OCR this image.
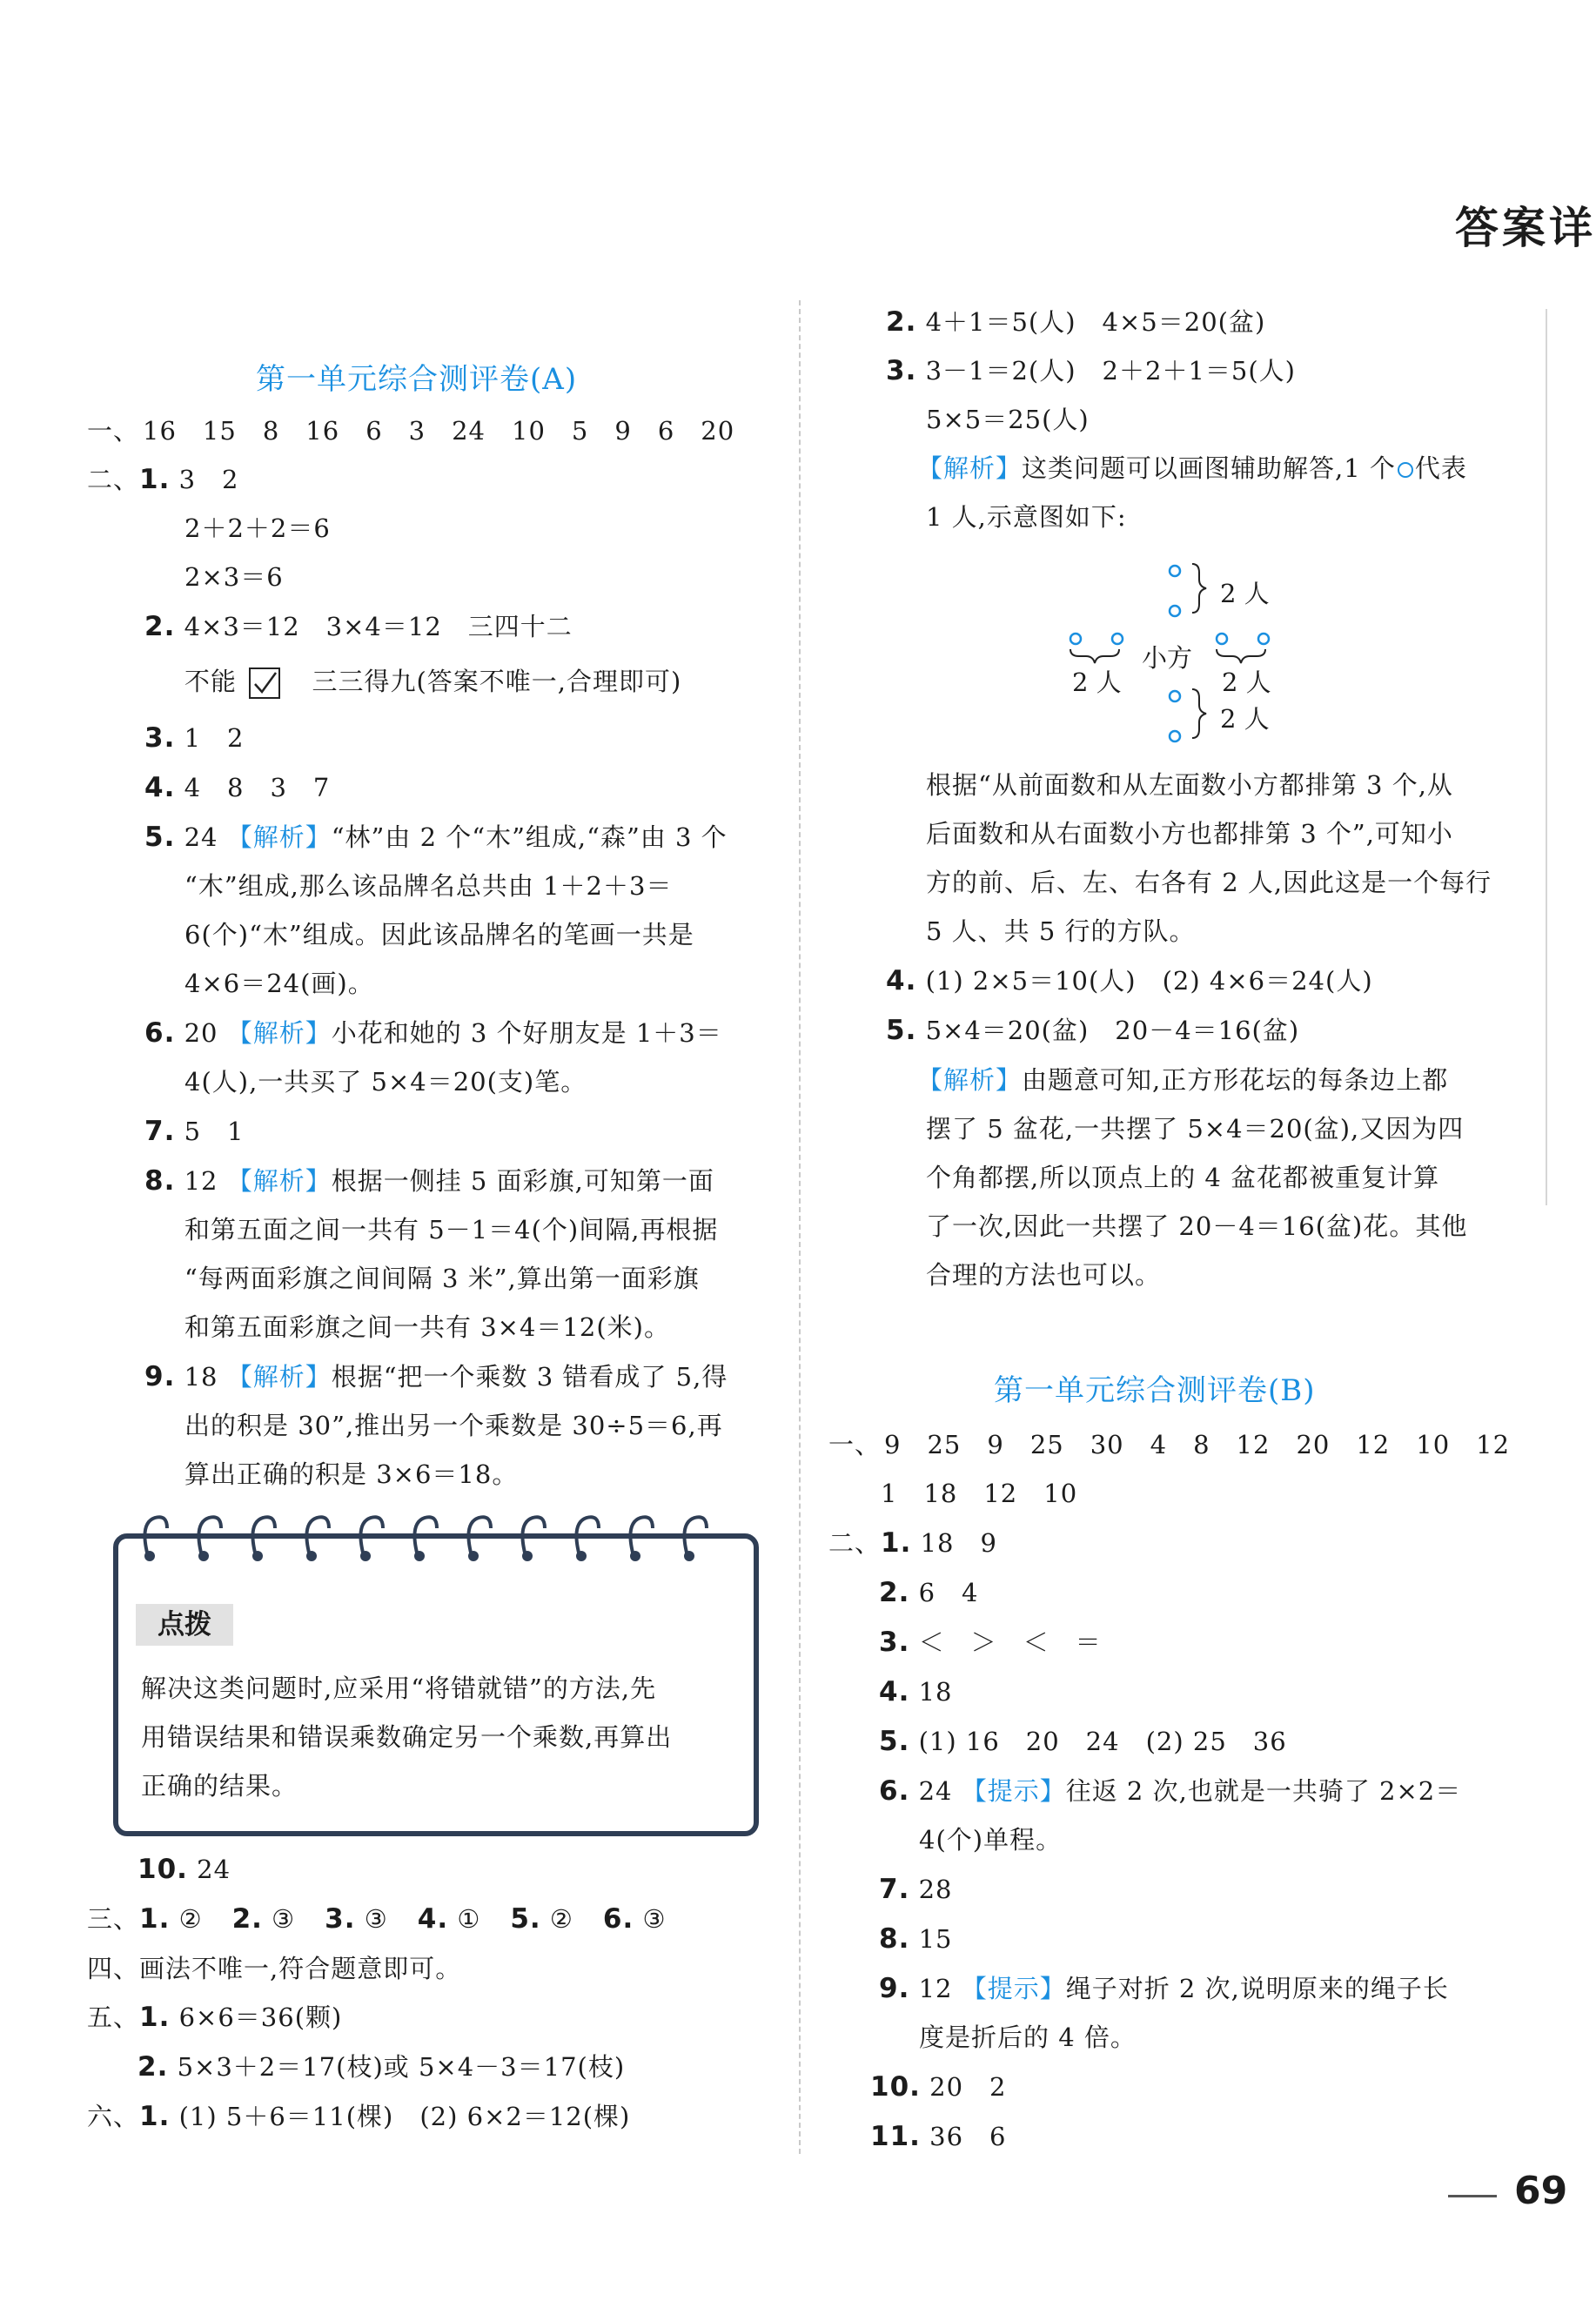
答案详
第一单元综合测评卷(A)
一、 16 15 8 16 6 3 24 10 5 9 6 20
二、1. 3　2
2＋2＋2＝6
2×3＝6
2. 4×3＝12　3×4＝12　三四十二
不能	三三得九(答案不唯一,合理即可)
3. 1　2
4. 4　8　3　7
5. 24 【解析】“林”由 2 个“木”组成,“森”由 3 个
“木”组成,那么该品牌名总共由 1＋2＋3＝
6(个)“木”组成。因此该品牌名的笔画一共是
4×6＝24(画)。
6. 20 【解析】小花和她的 3 个好朋友是 1＋3＝
4(人),一共买了 5×4＝20(支)笔。
7. 5　1
8. 12 【解析】根据一侧挂 5 面彩旗,可知第一面
和第五面之间一共有 5－1＝4(个)间隔,再根据
“每两面彩旗之间间隔 3 米”,算出第一面彩旗
和第五面彩旗之间一共有 3×4＝12(米)。
9. 18 【解析】根据“把一个乘数 3 错看成了 5,得
出的积是 30”,推出另一个乘数是 30÷5＝6,再
算出正确的积是 3×6＝18。
点拨
解决这类问题时,应采用“将错就错”的方法,先
用错误结果和错误乘数确定另一个乘数,再算出
正确的结果。
10. 24
三、1. ② 2. ③ 3. ③ 4. ① 5. ② 6. ③
四、画法不唯一,符合题意即可。
五、1. 6×6＝36(颗)
2. 5×3＋2＝17(枝)或 5×4－3＝17(枝)
六、1. (1) 5＋6＝11(棵)　(2) 6×2＝12(棵)
2. 4＋1＝5(人)　4×5＝20(盆)
3. 3－1＝2(人)　2＋2＋1＝5(人)
5×5＝25(人)
【解析】这类问题可以画图辅助解答,1 个 代表
1 人,示意图如下:
2 人
2 人
小方
2 人
2 人
根据“从前面数和从左面数小方都排第 3 个,从
后面数和从右面数小方也都排第 3 个”,可知小
方的前、后、左、右各有 2 人,因此这是一个每行
5 人、共 5 行的方队。
4. (1) 2×5＝10(人)　(2) 4×6＝24(人)
5. 5×4＝20(盆)　20－4＝16(盆)
【解析】由题意可知,正方形花坛的每条边上都
摆了 5 盆花,一共摆了 5×4＝20(盆),又因为四
个角都摆,所以顶点上的 4 盆花都被重复计算
了一次,因此一共摆了 20－4＝16(盆)花。其他
合理的方法也可以。
第一单元综合测评卷(B)
一、 9 25 9 25 30 4 8 12 20 12 10 12
1 18 12 10
二、1. 18　9
2. 6　4
3. ＜　＞　＜　＝
4. 18
5. (1) 16　20　24　(2) 25　36
6. 24 【提示】往返 2 次,也就是一共骑了 2×2＝
4(个)单程。
7. 28
8. 15
9. 12 【提示】绳子对折 2 次,说明原来的绳子长
度是折后的 4 倍。
10. 20　2
11. 36　6
69
